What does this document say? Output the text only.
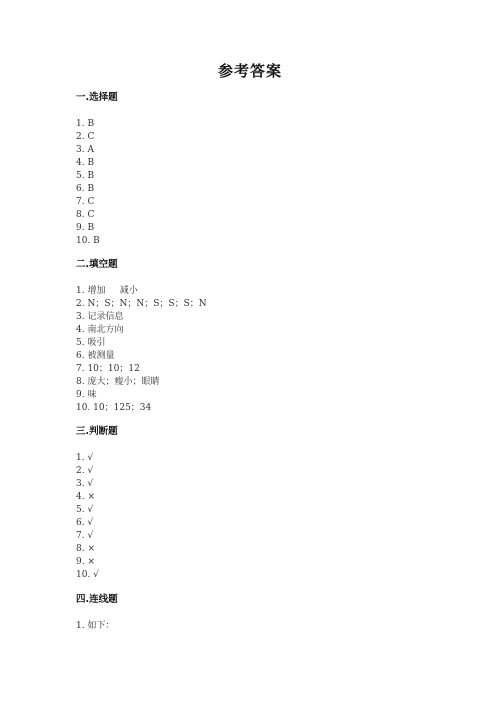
参考答案
一.选择题
1. B
2. C
3. A
4. B
5. B
6. B
7. C
8. C
9. B
10. B
二.填空题
1. 增加     减小
2. N；S；N；N；S；S；S；N
3. 记录信息
4. 南北方向
5. 吸引
6. 被测量
7. 10；10；12
8. 庞大；瘦小；眼睛
9. 味
10. 10；125；34
三.判断题
1. √
2. √
3. √
4. ×
5. √
6. √
7. √
8. ×
9. ×
10. √
四.连线题
1. 如下：
